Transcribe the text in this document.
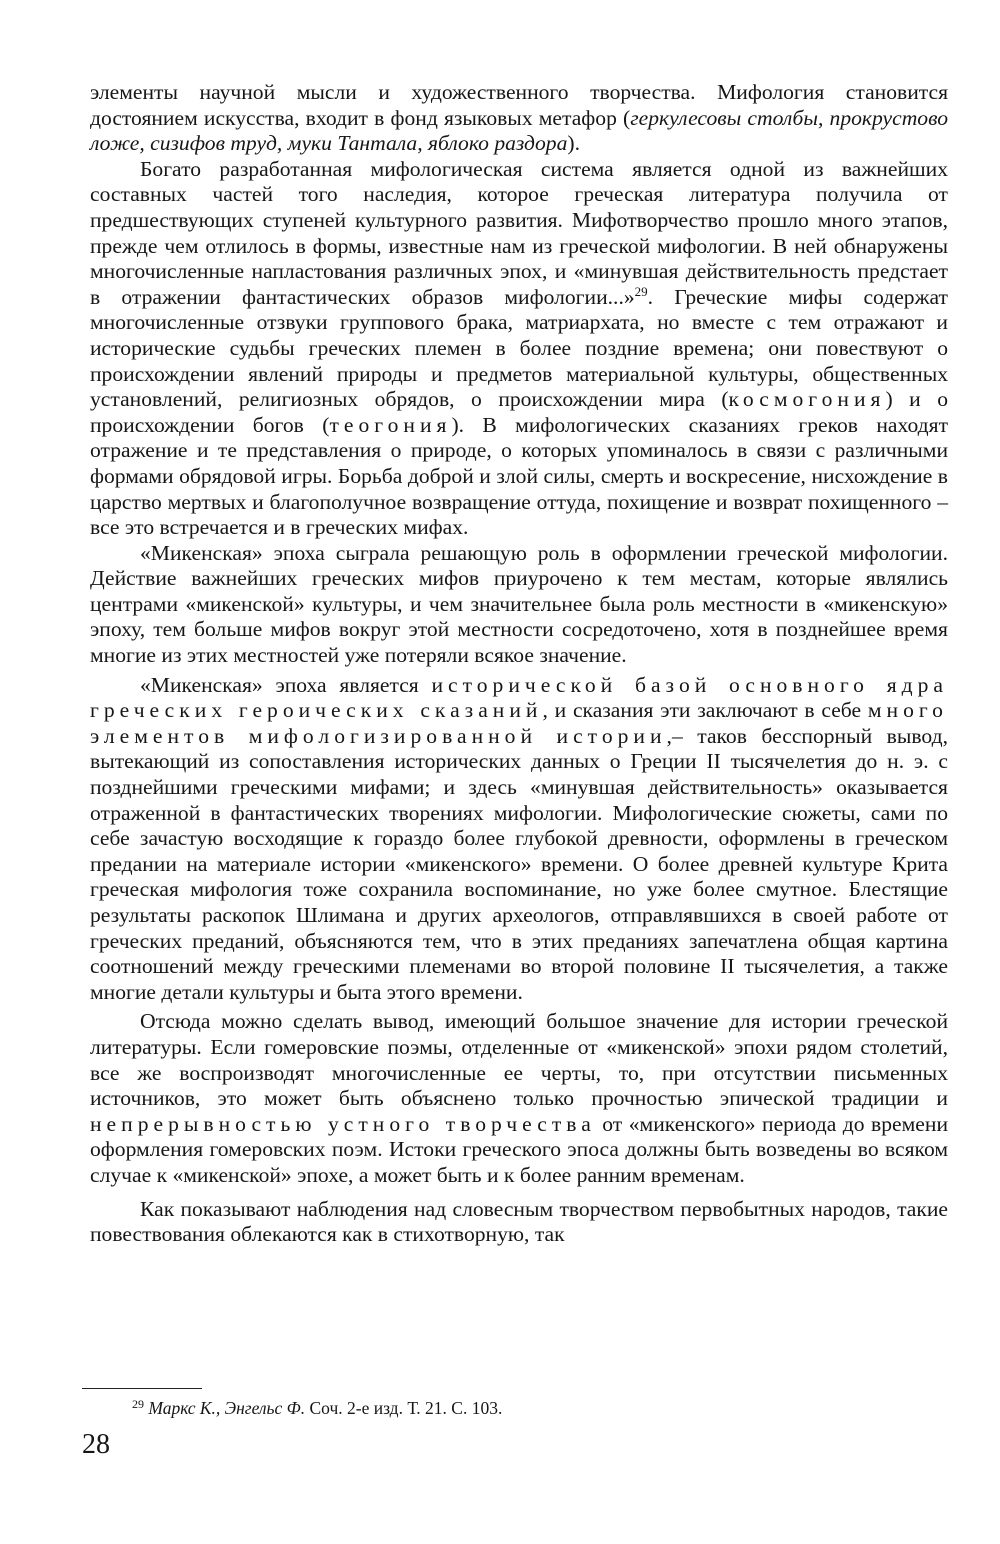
элементы научной мысли и художественного творчества. Мифология становится достоянием искусства, входит в фонд языковых метафор (геркулесовы столбы, прокрустово ложе, сизифов труд, муки Тантала, яблоко раздора).

Богато разработанная мифологическая система является одной из важнейших составных частей того наследия, которое греческая литература получила от предшествующих ступеней культурного развития. Мифотворчество прошло много этапов, прежде чем отлилось в формы, известные нам из греческой мифологии. В ней обнаружены многочисленные напластования различных эпох, и «минувшая действительность предстает в отражении фантастических образов мифологии...»$^{29}$. Греческие мифы содержат многочисленные отзвуки группового брака, матриархата, но вместе с тем отражают и исторические судьбы греческих племен в более поздние времена; они повествуют о происхождении явлений природы и предметов материальной культуры, общественных установлений, религиозных обрядов, о происхождении мира (космогония) и о происхождении богов (теогония). В мифологических сказаниях греков находят отражение и те представления о природе, о которых упоминалось в связи с различными формами обрядовой игры. Борьба доброй и злой силы, смерть и воскресение, нисхождение в царство мертвых и благополучное возвращение оттуда, похищение и возврат похищенного – все это встречается и в греческих мифах.

«Микенская» эпоха сыграла решающую роль в оформлении греческой мифологии. Действие важнейших греческих мифов приурочено к тем местам, которые являлись центрами «микенской» культуры, и чем значительнее была роль местности в «микенскую» эпоху, тем больше мифов вокруг этой местности сосредоточено, хотя в позднейшее время многие из этих местностей уже потеряли всякое значение.

«Микенская» эпоха является исторической базой основного ядра греческих героических сказаний, и сказания эти заключают в себе много элементов мифологизированной истории,– таков бесспорный вывод, вытекающий из сопоставления исторических данных о Греции II тысячелетия до н. э. с позднейшими греческими мифами; и здесь «минувшая действительность» оказывается отраженной в фантастических творениях мифологии. Мифологические сюжеты, сами по себе зачастую восходящие к гораздо более глубокой древности, оформлены в греческом предании на материале истории «микенского» времени. О более древней культуре Крита греческая мифология тоже сохранила воспоминание, но уже более смутное. Блестящие результаты раскопок Шлимана и других археологов, отправлявшихся в своей работе от греческих преданий, объясняются тем, что в этих преданиях запечатлена общая картина соотношений между греческими племенами во второй половине II тысячелетия, а также многие детали культуры и быта этого времени.

Отсюда можно сделать вывод, имеющий большое значение для истории греческой литературы. Если гомеровские поэмы, отделенные от «микенской» эпохи рядом столетий, все же воспроизводят многочисленные ее черты, то, при отсутствии письменных источников, это может быть объяснено только прочностью эпической традиции и непрерывностью устного творчества от «микенского» периода до времени оформления гомеровских поэм. Истоки греческого эпоса должны быть возведены во всяком случае к «микенской» эпохе, а может быть и к более ранним временам.

Как показывают наблюдения над словесным творчеством первобытных народов, такие повествования облекаются как в стихотворную, так

$^{29}$ Маркс К., Энгельс Ф. Соч. 2-е изд. Т. 21. С. 103.
28
